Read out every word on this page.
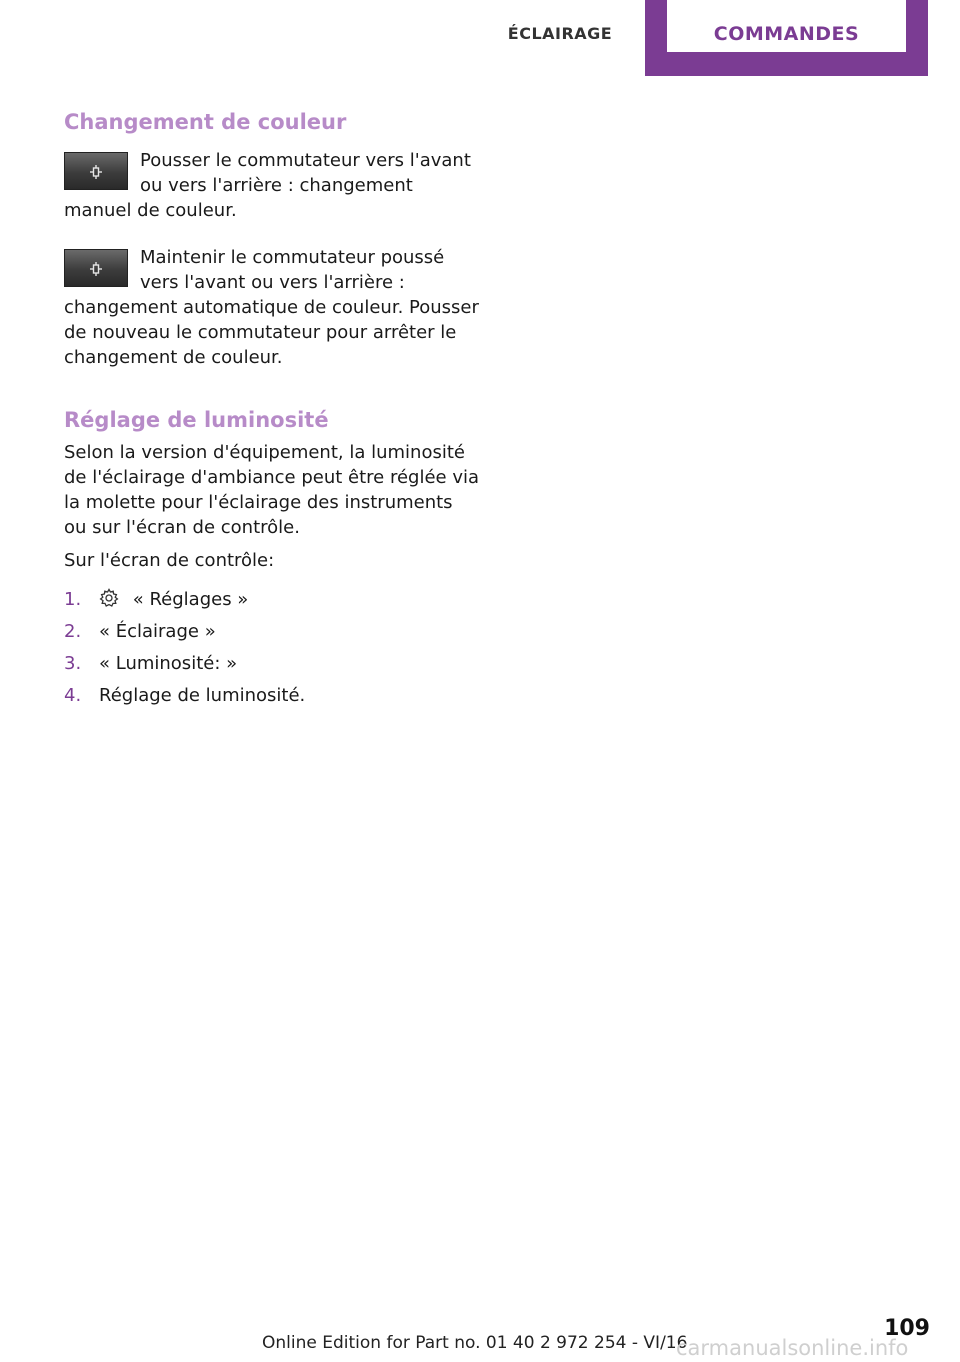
ÉCLAIRAGE	COMMANDES
Changement de couleur

Pousser le commutateur vers l'avant ou vers l'arrière : changement manuel de couleur.

Maintenir le commutateur poussé vers l'avant ou vers l'arrière : changement automatique de couleur. Pousser de nouveau le commutateur pour arrêter le changement de couleur.

Réglage de luminosité

Selon la version d'équipement, la luminosité de l'éclairage d'ambiance peut être réglée via la molette pour l'éclairage des instruments ou sur l'écran de contrôle.

Sur l'écran de contrôle:

1.	« Réglages »
2. « Éclairage »
3. « Luminosité: »
4. Réglage de luminosité.
109
Online Edition for Part no. 01 40 2 972 254 - VI/16
carmanualsonline.info
